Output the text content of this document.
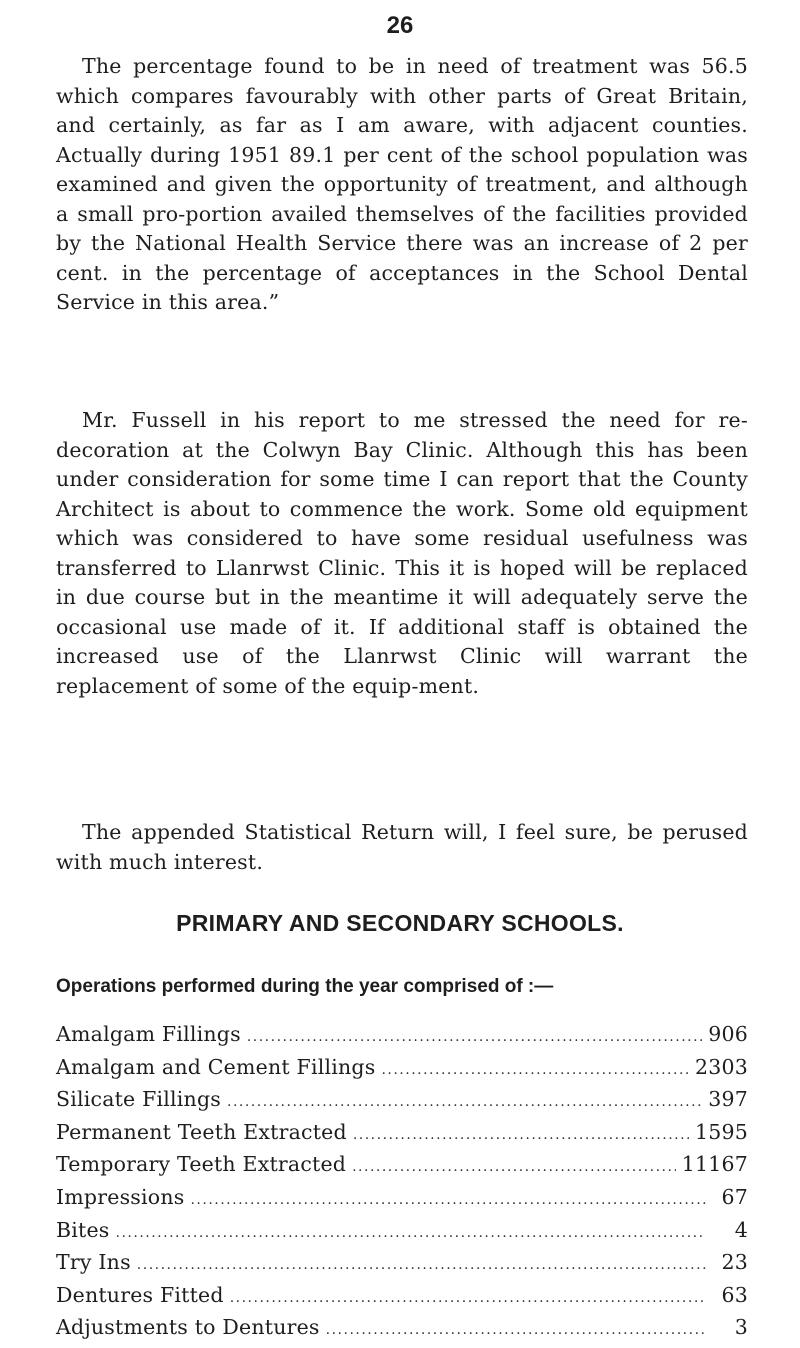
26

The percentage found to be in need of treatment was 56.5 which compares favourably with other parts of Great Britain, and certainly, as far as I am aware, with adjacent counties. Actually during 1951 89.1 per cent of the school population was examined and given the opportunity of treatment, and although a small pro-portion availed themselves of the facilities provided by the National Health Service there was an increase of 2 per cent. in the percentage of acceptances in the School Dental Service in this area.”

Mr. Fussell in his report to me stressed the need for re-decoration at the Colwyn Bay Clinic. Although this has been under consideration for some time I can report that the County Architect is about to commence the work. Some old equipment which was considered to have some residual usefulness was transferred to Llanrwst Clinic. This it is hoped will be replaced in due course but in the meantime it will adequately serve the occasional use made of it. If additional staff is obtained the increased use of the Llanrwst Clinic will warrant the replacement of some of the equip-ment.

The appended Statistical Return will, I feel sure, be perused with much interest.

PRIMARY AND SECONDARY SCHOOLS.
Operations performed during the year comprised of :—
Amalgam Fillings .....	906
Amalgam and Cement Fillings .....	2303
Silicate Fillings .....	397
Permanent Teeth Extracted .....	1595
Temporary Teeth Extracted .....	11167
Impressions .....	67
Bites .....	4
Try Ins .....	23
Dentures Fitted .....	63
Adjustments to Dentures .....	3
